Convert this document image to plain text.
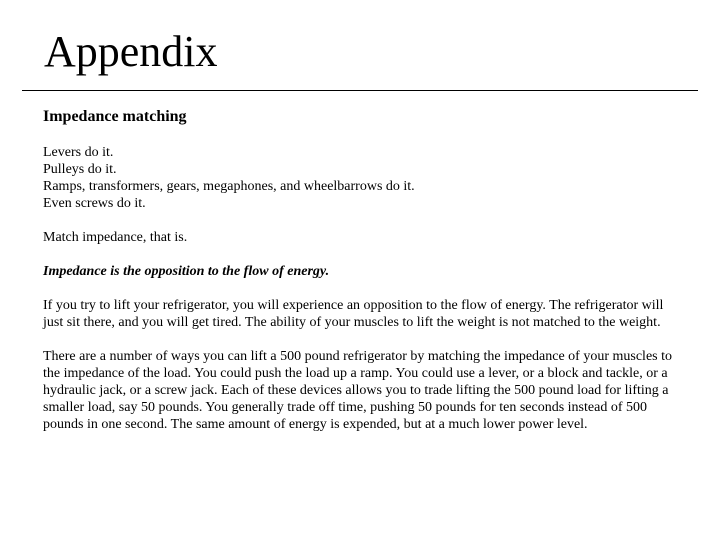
Appendix
Impedance matching
Levers do it.
Pulleys do it.
Ramps, transformers, gears, megaphones, and wheelbarrows do it.
Even screws do it.

Match impedance, that is.

Impedance is the opposition to the flow of energy.

If you try to lift your refrigerator, you will experience an opposition to the flow of energy. The refrigerator will just sit there, and you will get tired. The ability of your muscles to lift the weight is not matched to the weight.

There are a number of ways you can lift a 500 pound refrigerator by matching the impedance of your muscles to the impedance of the load. You could push the load up a ramp. You could use a lever, or a block and tackle, or a hydraulic jack, or a screw jack. Each of these devices allows you to trade lifting the 500 pound load for lifting a smaller load, say 50 pounds. You generally trade off time, pushing 50 pounds for ten seconds instead of 500 pounds in one second. The same amount of energy is expended, but at a much lower power level.
